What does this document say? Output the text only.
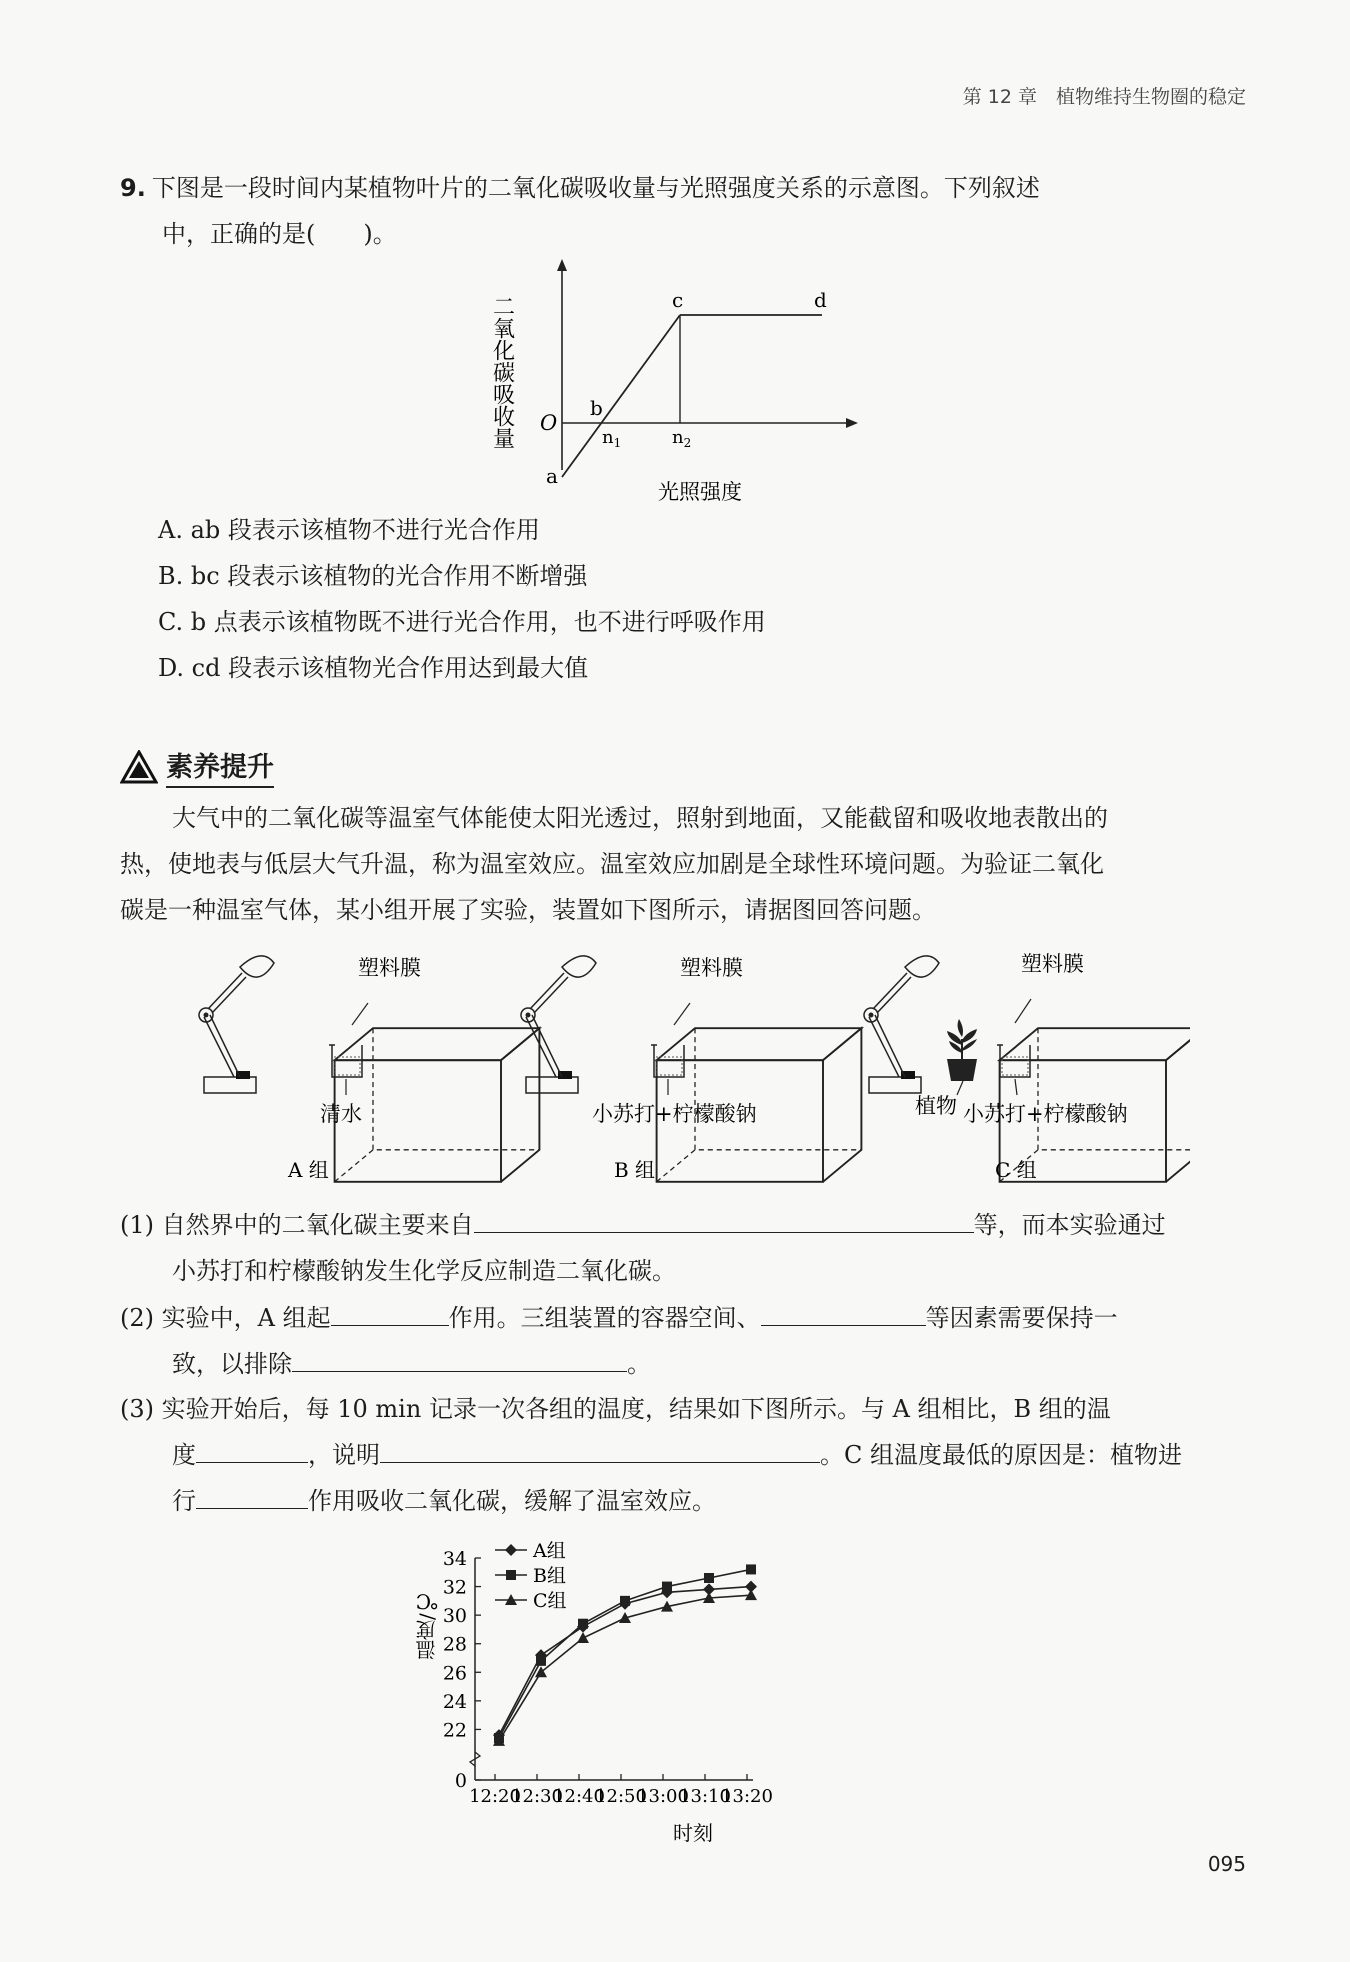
第 12 章　植物维持生物圈的稳定
9. 下图是一段时间内某植物叶片的二氧化碳吸收量与光照强度关系的示意图。下列叙述
中，正确的是(　　)。
二氧化碳吸收量 O
a
b
c	d
$n_1$	$n_2$
光照强度
A. ab 段表示该植物不进行光合作用
B. bc 段表示该植物的光合作用不断增强
C. b 点表示该植物既不进行光合作用，也不进行呼吸作用
D. cd 段表示该植物光合作用达到最大值
素养提升
大气中的二氧化碳等温室气体能使太阳光透过，照射到地面，又能截留和吸收地表散出的
热，使地表与低层大气升温，称为温室效应。温室效应加剧是全球性环境问题。为验证二氧化
碳是一种温室气体，某小组开展了实验，装置如下图所示，请据图回答问题。
塑料膜
清水
A 组
塑料膜
小苏打+柠檬酸钠
B 组
塑料膜
植物 小苏打+柠檬酸钠
C 组
(1) 自然界中的二氧化碳主要来自	等，而本实验通过
小苏打和柠檬酸钠发生化学反应制造二氧化碳。
(2) 实验中，A 组起	作用。三组装置的容器空间、	等因素需要保持一
致，以排除	。
(3) 实验开始后，每 10 min 记录一次各组的温度，结果如下图所示。与 A 组相比，B 组的温
度	，说明	。C 组温度最低的原因是：植物进
行	作用吸收二氧化碳，缓解了温室效应。
0
22
24
26
28
30
32
34
12:20
12:30
12:40
12:50
13:00
13:10
13:20
A组
B组
C组
温度/℃
时刻
095
